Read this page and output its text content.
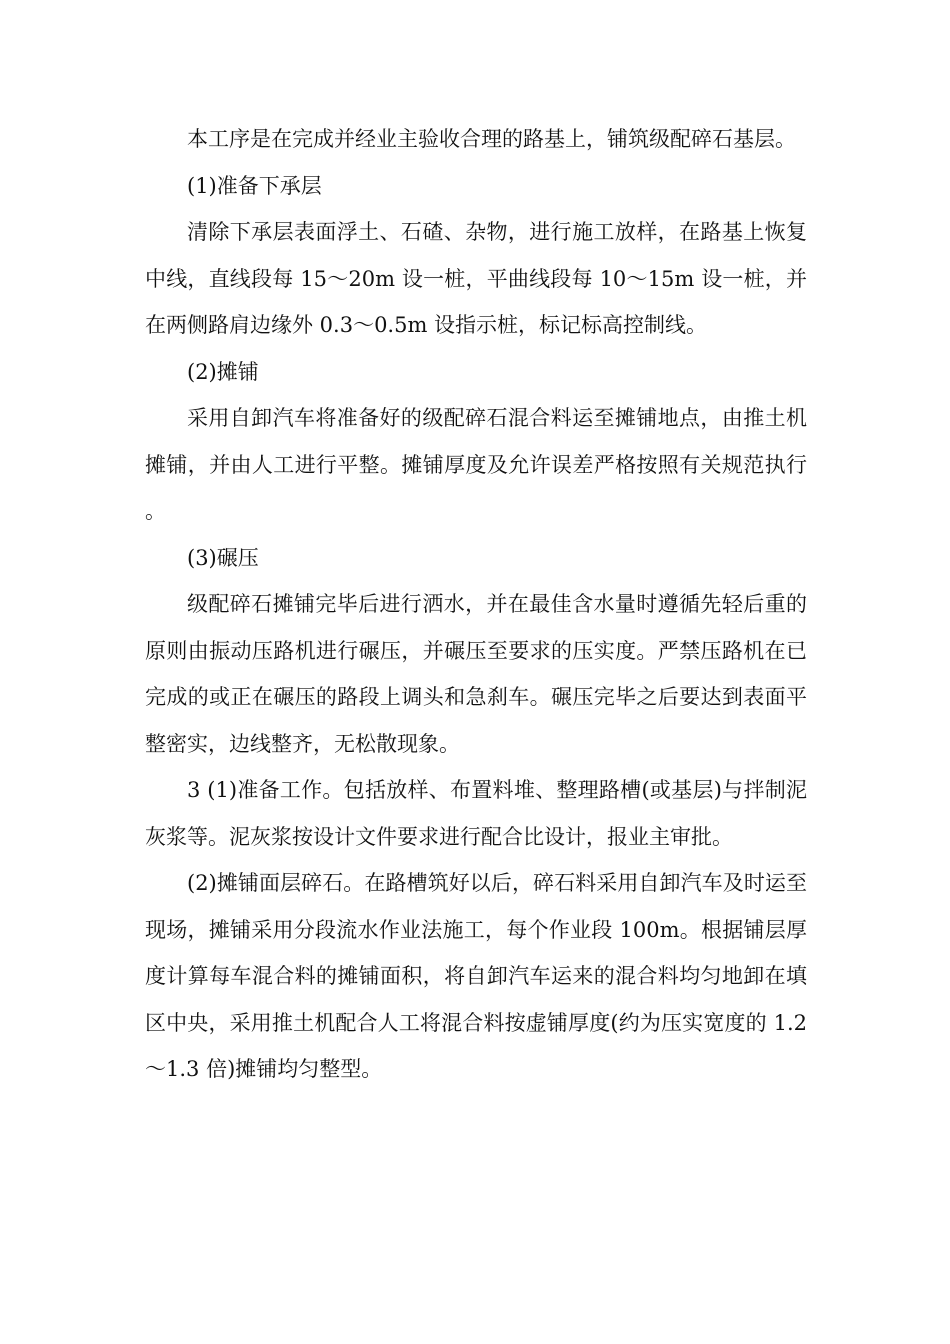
本工序是在完成并经业主验收合理的路基上，铺筑级配碎石基层。

(1)准备下承层

清除下承层表面浮土、石碴、杂物，进行施工放样，在路基上恢复中线，直线段每 15～20m 设一桩，平曲线段每 10～15m 设一桩，并在两侧路肩边缘外 0.3～0.5m 设指示桩，标记标高控制线。

(2)摊铺

采用自卸汽车将准备好的级配碎石混合料运至摊铺地点，由推土机摊铺，并由人工进行平整。摊铺厚度及允许误差严格按照有关规范执行。

(3)碾压

级配碎石摊铺完毕后进行洒水，并在最佳含水量时遵循先轻后重的原则由振动压路机进行碾压，并碾压至要求的压实度。严禁压路机在已完成的或正在碾压的路段上调头和急刹车。碾压完毕之后要达到表面平整密实，边线整齐，无松散现象。

3 (1)准备工作。包括放样、布置料堆、整理路槽(或基层)与拌制泥灰浆等。泥灰浆按设计文件要求进行配合比设计，报业主审批。

(2)摊铺面层碎石。在路槽筑好以后，碎石料采用自卸汽车及时运至现场，摊铺采用分段流水作业法施工，每个作业段 100m。根据铺层厚度计算每车混合料的摊铺面积，将自卸汽车运来的混合料均匀地卸在填区中央，采用推土机配合人工将混合料按虚铺厚度(约为压实宽度的 1.2～1.3 倍)摊铺均匀整型。
